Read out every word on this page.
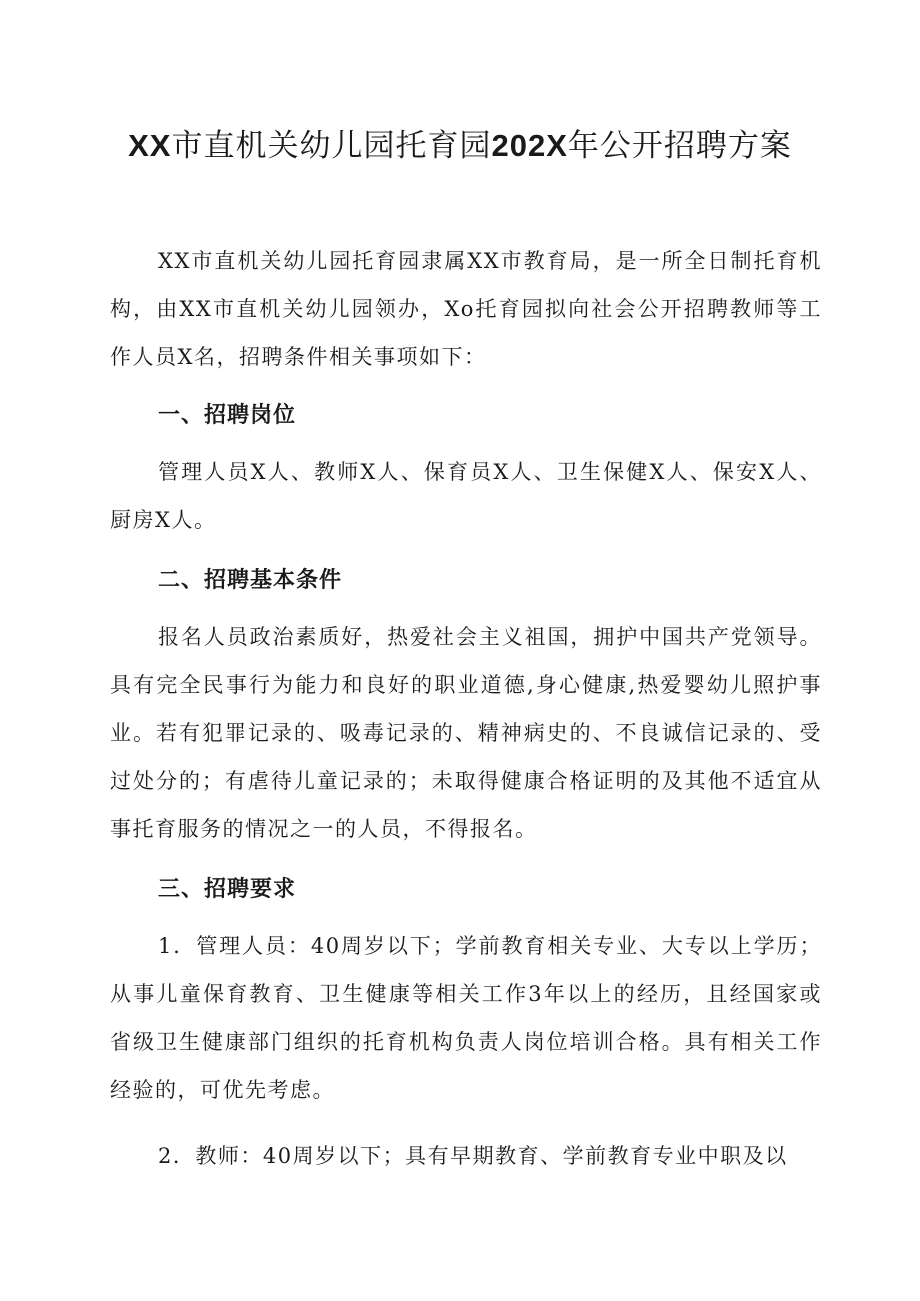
XX市直机关幼儿园托育园202X年公开招聘方案

XX市直机关幼儿园托育园隶属XX市教育局，是一所全日制托育机构，由XX市直机关幼儿园领办，Xo托育园拟向社会公开招聘教师等工作人员X名，招聘条件相关事项如下：

一、招聘岗位

管理人员X人、教师X人、保育员X人、卫生保健X人、保安X人、厨房X人。

二、招聘基本条件

报名人员政治素质好，热爱社会主义祖国，拥护中国共产党领导。具有完全民事行为能力和良好的职业道德,身心健康,热爱婴幼儿照护事业。若有犯罪记录的、吸毒记录的、精神病史的、不良诚信记录的、受过处分的；有虐待儿童记录的；未取得健康合格证明的及其他不适宜从事托育服务的情况之一的人员，不得报名。

三、招聘要求

1．管理人员：40周岁以下；学前教育相关专业、大专以上学历；从事儿童保育教育、卫生健康等相关工作3年以上的经历，且经国家或省级卫生健康部门组织的托育机构负责人岗位培训合格。具有相关工作经验的，可优先考虑。

2．教师：40周岁以下；具有早期教育、学前教育专业中职及以
